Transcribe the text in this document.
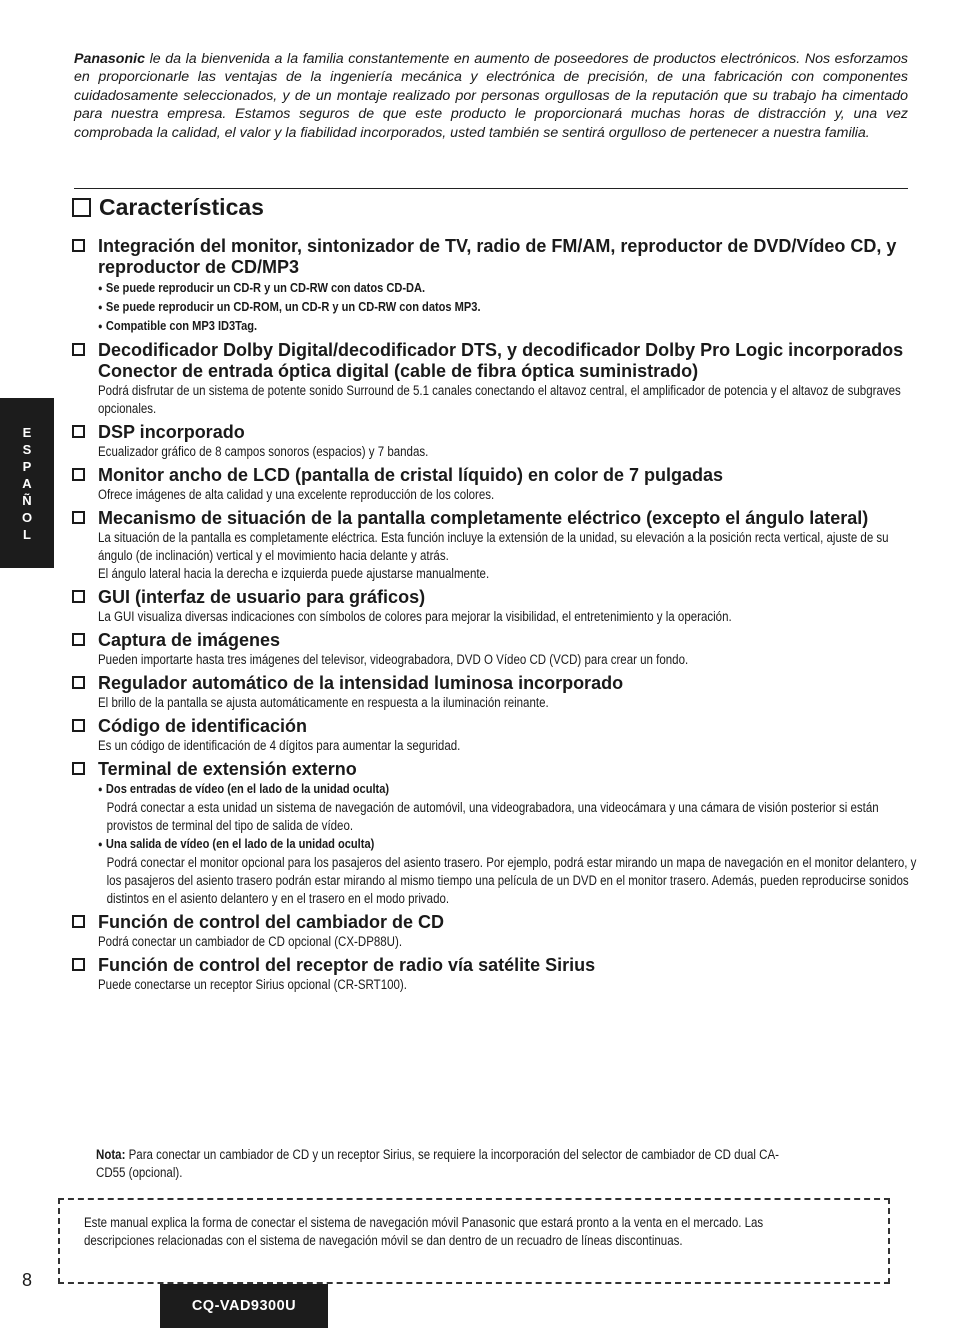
Panasonic le da la bienvenida a la familia constantemente en aumento de poseedores de productos electrónicos. Nos esforzamos en proporcionarle las ventajas de la ingeniería mecánica y electrónica de precisión, de una fabricación con componentes cuidadosamente seleccionados, y de un montaje realizado por personas orgullosas de la reputación que su trabajo ha cimentado para nuestra empresa. Estamos seguros de que este producto le proporcionará muchas horas de distracción y, una vez comprobada la calidad, el valor y la fiabilidad incorporados, usted también se sentirá orgulloso de pertenecer a nuestra familia.
Características
Integración del monitor, sintonizador de TV, radio de FM/AM, reproductor de DVD/Vídeo CD, y reproductor de CD/MP3
● Se puede reproducir un CD-R y un CD-RW con datos CD-DA.
● Se puede reproducir un CD-ROM, un CD-R y un CD-RW con datos MP3.
● Compatible con MP3 ID3Tag.
Decodificador Dolby Digital/decodificador DTS, y decodificador Dolby Pro Logic incorporados Conector de entrada óptica digital (cable de fibra óptica suministrado)
Podrá disfrutar de un sistema de potente sonido Surround de 5.1 canales conectando el altavoz central, el amplificador de potencia y el altavoz de subgraves opcionales.
DSP incorporado
Ecualizador gráfico de 8 campos sonoros (espacios) y 7 bandas.
Monitor ancho de LCD (pantalla de cristal líquido) en color de 7 pulgadas
Ofrece imágenes de alta calidad y una excelente reproducción de los colores.
Mecanismo de situación de la pantalla completamente eléctrico (excepto el ángulo lateral)
La situación de la pantalla es completamente eléctrica. Esta función incluye la extensión de la unidad, su elevación a la posición recta vertical, ajuste de su ángulo (de inclinación) vertical y el movimiento hacia delante y atrás.
El ángulo lateral hacia la derecha e izquierda puede ajustarse manualmente.
GUI (interfaz de usuario para gráficos)
La GUI visualiza diversas indicaciones con símbolos de colores para mejorar la visibilidad, el entretenimiento y la operación.
Captura de imágenes
Pueden importarte hasta tres imágenes del televisor, videograbadora, DVD O Vídeo CD (VCD) para crear un fondo.
Regulador automático de la intensidad luminosa incorporado
El brillo de la pantalla se ajusta automáticamente en respuesta a la iluminación reinante.
Código de identificación
Es un código de identificación de 4 dígitos para aumentar la seguridad.
Terminal de extensión externo
● Dos entradas de vídeo (en el lado de la unidad oculta)
Podrá conectar a esta unidad un sistema de navegación de automóvil, una videograbadora, una videocámara y una cámara de visión posterior si están provistos de terminal del tipo de salida de vídeo.
● Una salida de vídeo (en el lado de la unidad oculta)
Podrá conectar el monitor opcional para los pasajeros del asiento trasero. Por ejemplo, podrá estar mirando un mapa de navegación en el monitor delantero, y los pasajeros del asiento trasero podrán estar mirando al mismo tiempo una película de un DVD en el monitor trasero. Además, pueden reproducirse sonidos distintos en el asiento delantero y en el trasero en el modo privado.
Función de control del cambiador de CD
Podrá conectar un cambiador de CD opcional (CX-DP88U).
Función de control del receptor de radio vía satélite Sirius
Puede conectarse un receptor Sirius opcional (CR-SRT100).
Nota: Para conectar un cambiador de CD y un receptor Sirius, se requiere la incorporación del selector de cambiador de CD dual CA-CD55 (opcional).
Este manual explica la forma de conectar el sistema de navegación móvil Panasonic que estará pronto a la venta en el mercado. Las descripciones relacionadas con el sistema de navegación móvil se dan dentro de un recuadro de líneas discontinuas.
E
S
P
A
Ñ
O
L
8
CQ-VAD9300U
